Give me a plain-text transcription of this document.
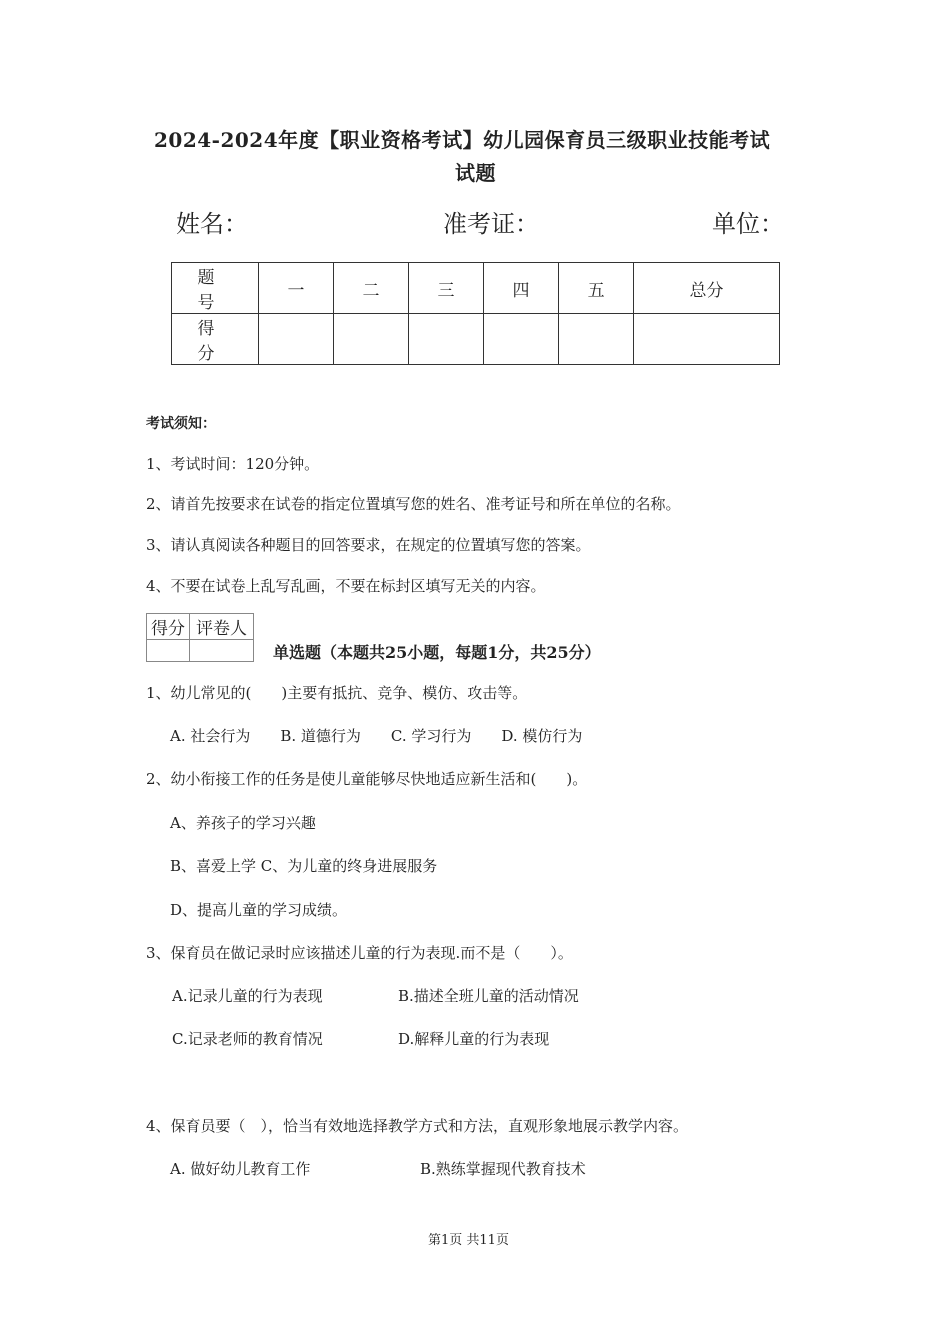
2024-2024年度【职业资格考试】幼儿园保育员三级职业技能考试
试题
姓名：	准考证：	单位：
题 号	一	二	三	四	五	总分
得 分						
考试须知：
1、考试时间：120分钟。
2、请首先按要求在试卷的指定位置填写您的姓名、准考证号和所在单位的名称。
3、请认真阅读各种题目的回答要求，在规定的位置填写您的答案。
4、不要在试卷上乱写乱画，不要在标封区填写无关的内容。
得分	评卷人

单选题（本题共25小题，每题1分，共25分）
1、幼儿常见的(　　)主要有抵抗、竞争、模仿、攻击等。
A. 社会行为　　B. 道德行为　　C. 学习行为　　D. 模仿行为
2、幼小衔接工作的任务是使儿童能够尽快地适应新生活和(　　)。
A、养孩子的学习兴趣
B、喜爱上学 C、为儿童的终身进展服务
D、提高儿童的学习成绩。
3、保育员在做记录时应该描述儿童的行为表现.而不是（　　）。
A.记录儿童的行为表现	B.描述全班儿童的活动情况
C.记录老师的教育情况	D.解释儿童的行为表现
4、保育员要（　），恰当有效地选择教学方式和方法，直观形象地展示教学内容。
A. 做好幼儿教育工作	B.熟练掌握现代教育技术
第1页 共11页
